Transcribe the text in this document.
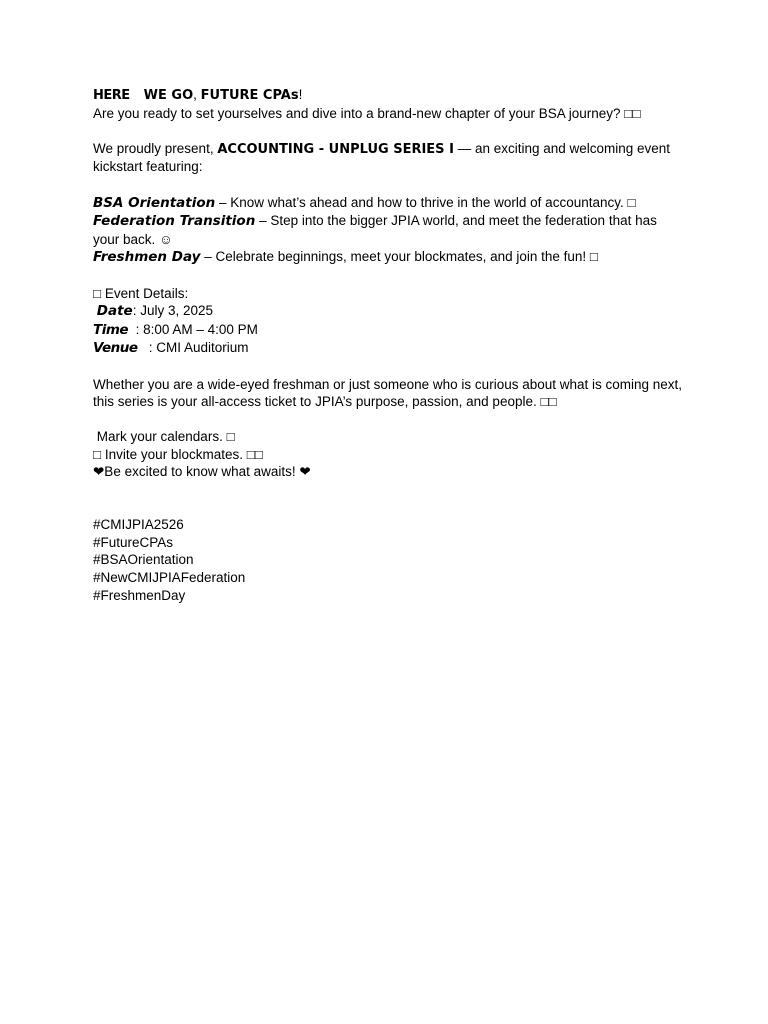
HERE WE GO, FUTURE CPAs!
Are you ready to set yourselves and dive into a brand-new chapter of your BSA journey? □□
We proudly present, ACCOUNTING - UNPLUG SERIES I — an exciting and welcoming event kickstart featuring:
BSA Orientation – Know what’s ahead and how to thrive in the world of accountancy. □
Federation Transition – Step into the bigger JPIA world, and meet the federation that has your back. ☺
Freshmen Day – Celebrate beginnings, meet your blockmates, and join the fun! □
□ Event Details:
Date: July 3, 2025
Time : 8:00 AM – 4:00 PM
Venue : CMI Auditorium
Whether you are a wide-eyed freshman or just someone who is curious about what is coming next, this series is your all-access ticket to JPIA’s purpose, passion, and people. □□
Mark your calendars. □
□ Invite your blockmates. □□
❤Be excited to know what awaits! ❤
#CMIJPIA2526
#FutureCPAs
#BSAOrientation
#NewCMIJPIAFederation
#FreshmenDay
